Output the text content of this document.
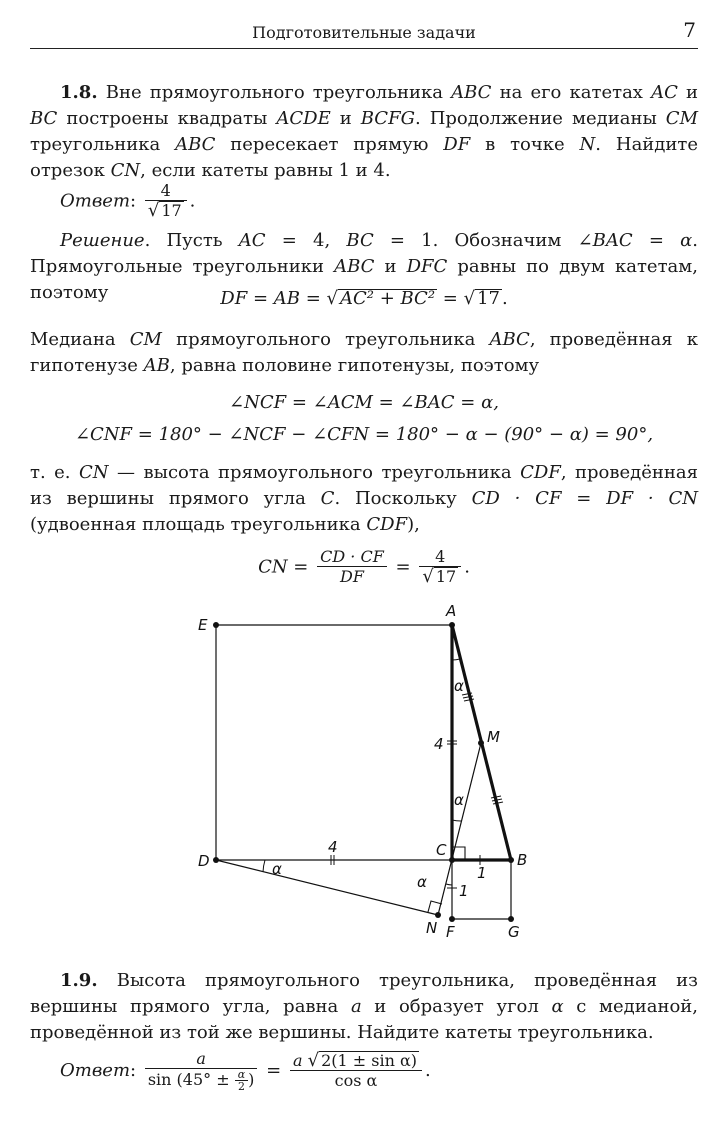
Подготовительные задачи	7
1.8. Вне прямоугольного треугольника ABC на его катетах AC и BC построены квадраты ACDE и BCFG. Продолжение медианы CM треугольника ABC пересекает прямую DF в точке N. Найдите отрезок CN, если катеты равны 1 и 4.
Ответ: $\frac{4}{√ 17}$ .
Решение. Пусть AC = 4, BC = 1. Обозначим ∠BAC = α. Прямоугольные треугольники ABC и DFC равны по двум катетам, поэтому	DF = AB = √ AC² + BC² = √ 17 .
Медиана CM прямоугольного треугольника ABC, проведённая к гипотенузе AB, равна половине гипотенузы, поэтому
∠NCF = ∠ACM = ∠BAC = α,
∠CNF = 180° − ∠NCF − ∠CFN = 180° − α − (90° − α) = 90°,
т. е. CN — высота прямоугольного треугольника CDF, проведённая из вершины прямого угла C. Поскольку CD · CF = DF · CN (удвоенная площадь треугольника CDF),
CN = $\frac{CD \cdot CF}{DF} = \frac{4}{√ 17}$ .
A
B
C
D
E
F	G
M
N
4
4
1
1
α
α
α
α
1.9. Высота прямоугольного треугольника, проведённая из вершины прямого угла, равна a и образует угол α с медианой, проведённой из той же вершины. Найдите катеты треугольника.
Ответ: $\frac{a}{\sin (45^\circ \pm \frac{\alpha}{2} )} = \frac{\text{a √ 2(1 ± sin α)}}{\text{cos α}}$ .
